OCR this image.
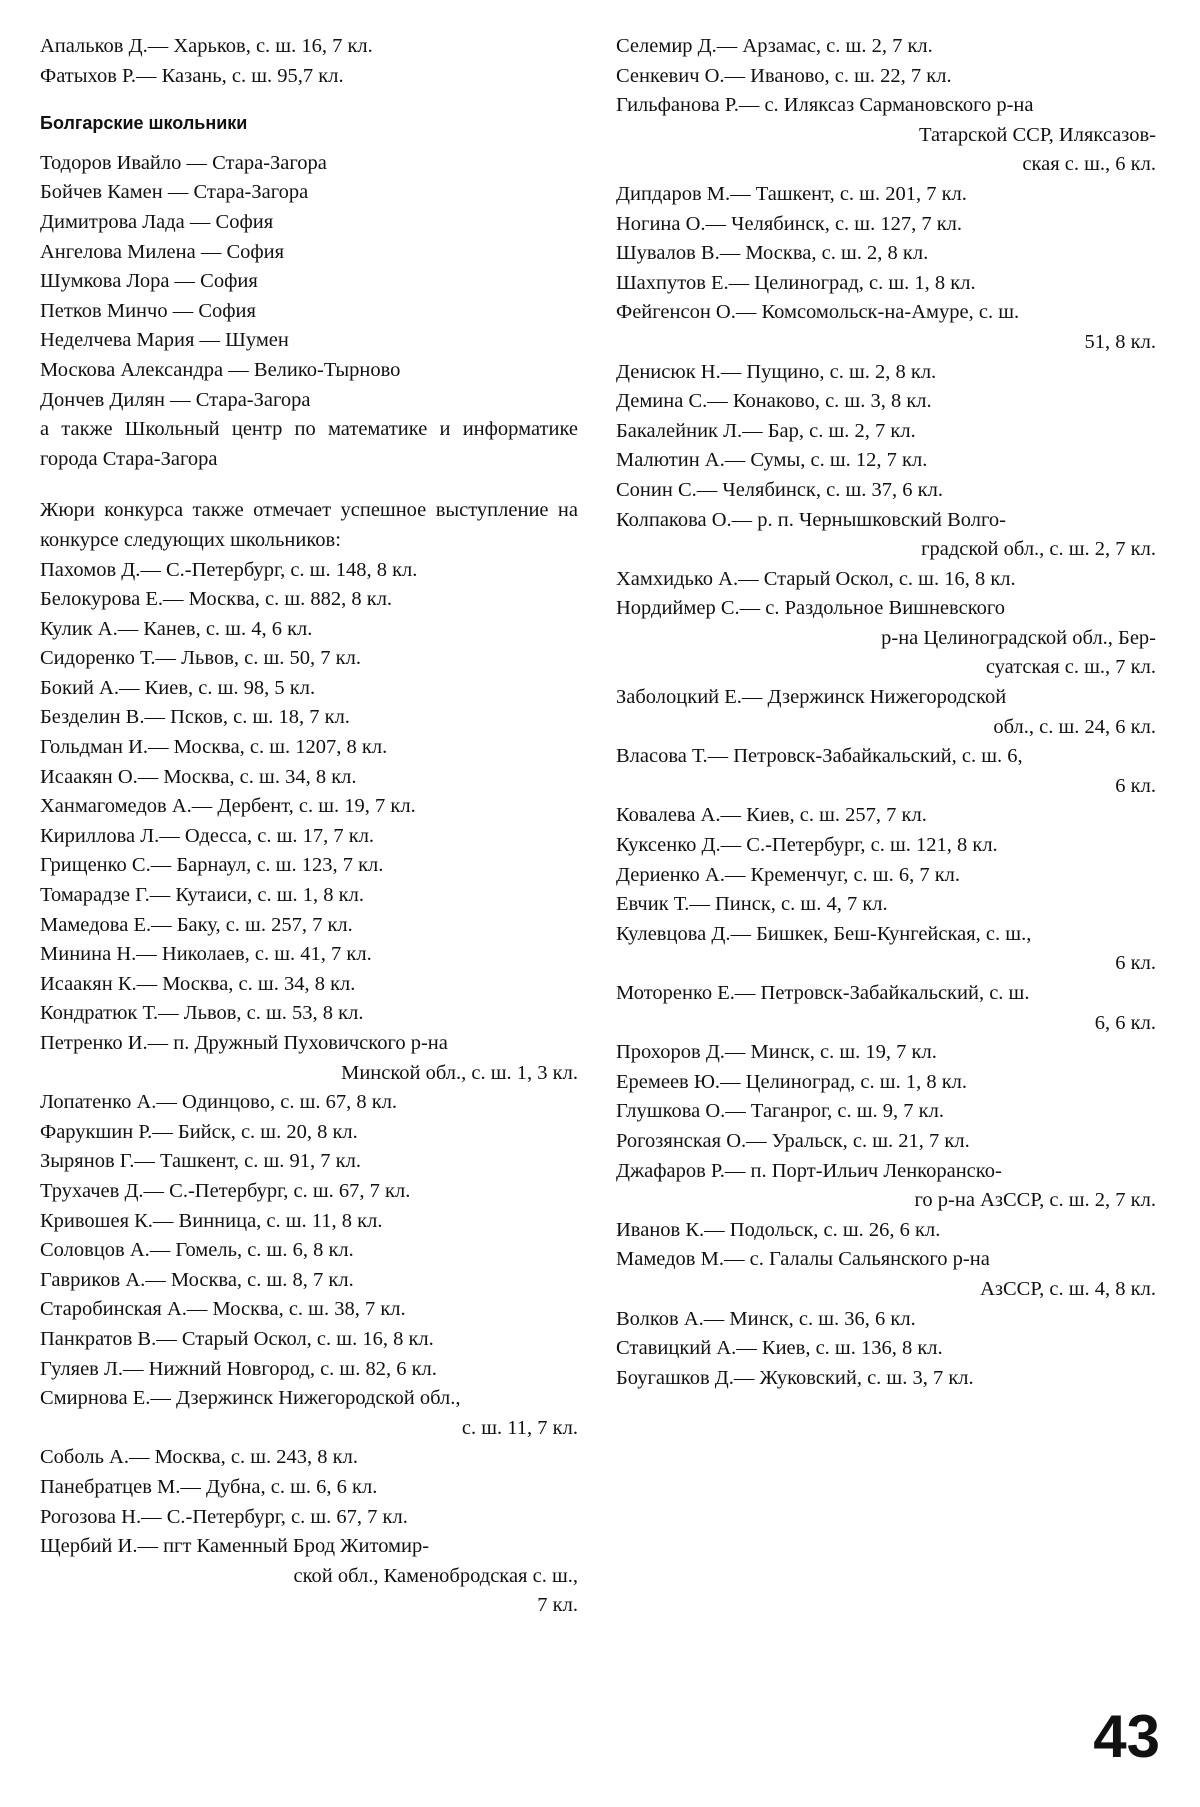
Апальков Д.— Харьков, с. ш. 16, 7 кл.
Фатыхов Р.— Казань, с. ш. 95,7 кл.
Болгарские школьники
Тодоров Ивайло — Стара-Загора
Бойчев Камен — Стара-Загора
Димитрова Лада — София
Ангелова Милена — София
Шумкова Лора — София
Петков Минчо — София
Неделчева Мария — Шумен
Москова Александра — Велико-Тырново
Дончев Дилян — Стара-Загора
а также Школьный центр по математике и информатике города Стара-Загора
Жюри конкурса также отмечает успешное выступление на конкурсе следующих школьников:
Пахомов Д.— С.-Петербург, с. ш. 148, 8 кл.
Белокурова Е.— Москва, с. ш. 882, 8 кл.
Кулик А.— Канев, с. ш. 4, 6 кл.
Сидоренко Т.— Львов, с. ш. 50, 7 кл.
Бокий А.— Киев, с. ш. 98, 5 кл.
Безделин В.— Псков, с. ш. 18, 7 кл.
Гольдман И.— Москва, с. ш. 1207, 8 кл.
Исаакян О.— Москва, с. ш. 34, 8 кл.
Ханмагомедов А.— Дербент, с. ш. 19, 7 кл.
Кириллова Л.— Одесса, с. ш. 17, 7 кл.
Грищенко С.— Барнаул, с. ш. 123, 7 кл.
Томарадзе Г.— Кутаиси, с. ш. 1, 8 кл.
Мамедова Е.— Баку, с. ш. 257, 7 кл.
Минина Н.— Николаев, с. ш. 41, 7 кл.
Исаакян К.— Москва, с. ш. 34, 8 кл.
Кондратюк Т.— Львов, с. ш. 53, 8 кл.
Петренко И.— п. Дружный Пуховичского р-на
Минской обл., с. ш. 1, 3 кл.
Лопатенко А.— Одинцово, с. ш. 67, 8 кл.
Фарукшин Р.— Бийск, с. ш. 20, 8 кл.
Зырянов Г.— Ташкент, с. ш. 91, 7 кл.
Трухачев Д.— С.-Петербург, с. ш. 67, 7 кл.
Кривошея К.— Винница, с. ш. 11, 8 кл.
Соловцов А.— Гомель, с. ш. 6, 8 кл.
Гавриков А.— Москва, с. ш. 8, 7 кл.
Старобинская А.— Москва, с. ш. 38, 7 кл.
Панкратов В.— Старый Оскол, с. ш. 16, 8 кл.
Гуляев Л.— Нижний Новгород, с. ш. 82, 6 кл.
Смирнова Е.— Дзержинск Нижегородской обл.,
с. ш. 11, 7 кл.
Соболь А.— Москва, с. ш. 243, 8 кл.
Панебратцев М.— Дубна, с. ш. 6, 6 кл.
Рогозова Н.— С.-Петербург, с. ш. 67, 7 кл.
Щербий И.— пгт Каменный Брод Житомир-
ской обл., Каменобродская с. ш.,
7 кл.
Селемир Д.— Арзамас, с. ш. 2, 7 кл.
Сенкевич О.— Иваново, с. ш. 22, 7 кл.
Гильфанова Р.— с. Иляксаз Сармановского р-на
Татарской ССР, Иляксазов-
ская с. ш., 6 кл.
Дипдаров М.— Ташкент, с. ш. 201, 7 кл.
Ногина О.— Челябинск, с. ш. 127, 7 кл.
Шувалов В.— Москва, с. ш. 2, 8 кл.
Шахпутов Е.— Целиноград, с. ш. 1, 8 кл.
Фейгенсон О.— Комсомольск-на-Амуре, с. ш.
51, 8 кл.
Денисюк Н.— Пущино, с. ш. 2, 8 кл.
Демина С.— Конаково, с. ш. 3, 8 кл.
Бакалейник Л.— Бар, с. ш. 2, 7 кл.
Малютин А.— Сумы, с. ш. 12, 7 кл.
Сонин С.— Челябинск, с. ш. 37, 6 кл.
Колпакова О.— р. п. Чернышковский Волго-
градской обл., с. ш. 2, 7 кл.
Хамхидько А.— Старый Оскол, с. ш. 16, 8 кл.
Нордиймер С.— с. Раздольное Вишневского
р-на Целиноградской обл., Бер-
суатская с. ш., 7 кл.
Заболоцкий Е.— Дзержинск Нижегородской
обл., с. ш. 24, 6 кл.
Власова Т.— Петровск-Забайкальский, с. ш. 6,
6 кл.
Ковалева А.— Киев, с. ш. 257, 7 кл.
Куксенко Д.— С.-Петербург, с. ш. 121, 8 кл.
Дериенко А.— Кременчуг, с. ш. 6, 7 кл.
Евчик Т.— Пинск, с. ш. 4, 7 кл.
Кулевцова Д.— Бишкек, Беш-Кунгейская, с. ш.,
6 кл.
Моторенко Е.— Петровск-Забайкальский, с. ш.
6, 6 кл.
Прохоров Д.— Минск, с. ш. 19, 7 кл.
Еремеев Ю.— Целиноград, с. ш. 1, 8 кл.
Глушкова О.— Таганрог, с. ш. 9, 7 кл.
Рогозянская О.— Уральск, с. ш. 21, 7 кл.
Джафаров Р.— п. Порт-Ильич Ленкоранско-
го р-на АзССР, с. ш. 2, 7 кл.
Иванов К.— Подольск, с. ш. 26, 6 кл.
Мамедов М.— с. Галалы Сальянского р-на
АзССР, с. ш. 4, 8 кл.
Волков А.— Минск, с. ш. 36, 6 кл.
Ставицкий А.— Киев, с. ш. 136, 8 кл.
Боугашков Д.— Жуковский, с. ш. 3, 7 кл.
43
